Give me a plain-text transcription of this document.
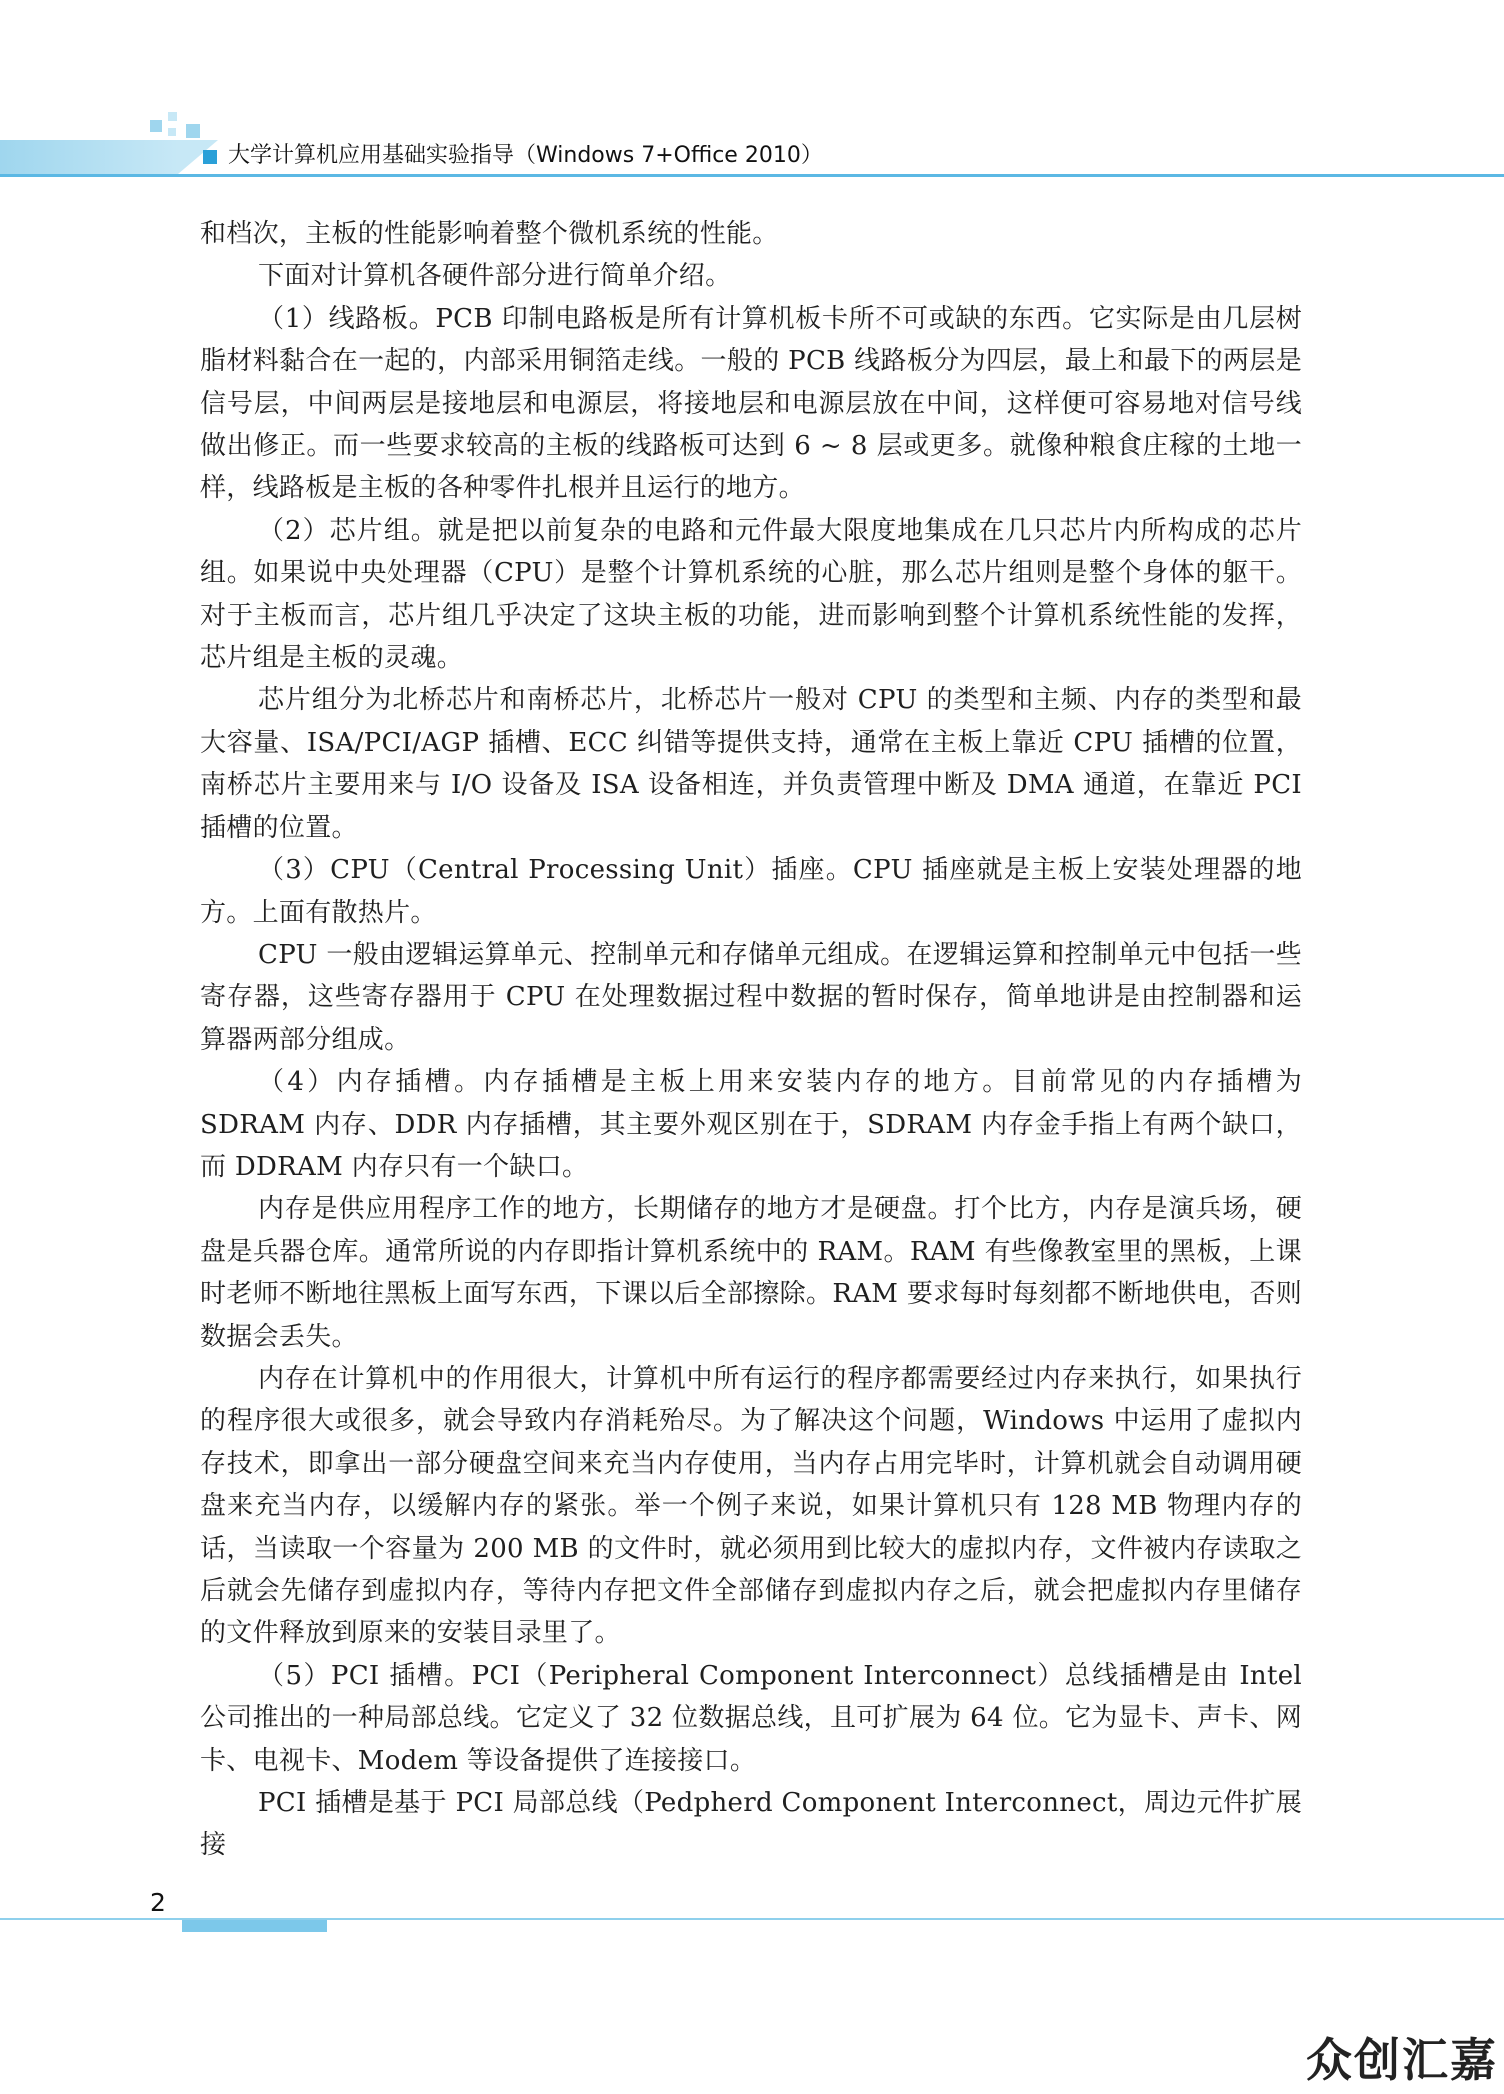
大学计算机应用基础实验指导（Windows 7+Office 2010）

和档次，主板的性能影响着整个微机系统的性能。

下面对计算机各硬件部分进行简单介绍。

（1）线路板。PCB 印制电路板是所有计算机板卡所不可或缺的东西。它实际是由几层树脂材料黏合在一起的，内部采用铜箔走线。一般的 PCB 线路板分为四层，最上和最下的两层是信号层，中间两层是接地层和电源层，将接地层和电源层放在中间，这样便可容易地对信号线做出修正。而一些要求较高的主板的线路板可达到 6 ~ 8 层或更多。就像种粮食庄稼的土地一样，线路板是主板的各种零件扎根并且运行的地方。

（2）芯片组。就是把以前复杂的电路和元件最大限度地集成在几只芯片内所构成的芯片组。如果说中央处理器（CPU）是整个计算机系统的心脏，那么芯片组则是整个身体的躯干。对于主板而言，芯片组几乎决定了这块主板的功能，进而影响到整个计算机系统性能的发挥，芯片组是主板的灵魂。

芯片组分为北桥芯片和南桥芯片，北桥芯片一般对 CPU 的类型和主频、内存的类型和最大容量、ISA/PCI/AGP 插槽、ECC 纠错等提供支持，通常在主板上靠近 CPU 插槽的位置，南桥芯片主要用来与 I/O 设备及 ISA 设备相连，并负责管理中断及 DMA 通道，在靠近 PCI 插槽的位置。

（3）CPU（Central Processing Unit）插座。CPU 插座就是主板上安装处理器的地方。上面有散热片。

CPU 一般由逻辑运算单元、控制单元和存储单元组成。在逻辑运算和控制单元中包括一些寄存器，这些寄存器用于 CPU 在处理数据过程中数据的暂时保存，简单地讲是由控制器和运算器两部分组成。

（4）内存插槽。内存插槽是主板上用来安装内存的地方。目前常见的内存插槽为 SDRAM 内存、DDR 内存插槽，其主要外观区别在于，SDRAM 内存金手指上有两个缺口，而 DDRAM 内存只有一个缺口。

内存是供应用程序工作的地方，长期储存的地方才是硬盘。打个比方，内存是演兵场，硬盘是兵器仓库。通常所说的内存即指计算机系统中的 RAM。RAM 有些像教室里的黑板，上课时老师不断地往黑板上面写东西，下课以后全部擦除。RAM 要求每时每刻都不断地供电，否则数据会丢失。

内存在计算机中的作用很大，计算机中所有运行的程序都需要经过内存来执行，如果执行的程序很大或很多，就会导致内存消耗殆尽。为了解决这个问题，Windows 中运用了虚拟内存技术，即拿出一部分硬盘空间来充当内存使用，当内存占用完毕时，计算机就会自动调用硬盘来充当内存，以缓解内存的紧张。举一个例子来说，如果计算机只有 128 MB 物理内存的话，当读取一个容量为 200 MB 的文件时，就必须用到比较大的虚拟内存，文件被内存读取之后就会先储存到虚拟内存，等待内存把文件全部储存到虚拟内存之后，就会把虚拟内存里储存的文件释放到原来的安装目录里了。

（5）PCI 插槽。PCI（Peripheral Component Interconnect）总线插槽是由 Intel 公司推出的一种局部总线。它定义了 32 位数据总线，且可扩展为 64 位。它为显卡、声卡、网卡、电视卡、Modem 等设备提供了连接接口。

PCI 插槽是基于 PCI 局部总线（Pedpherd Component Interconnect，周边元件扩展接

2
众创汇嘉
